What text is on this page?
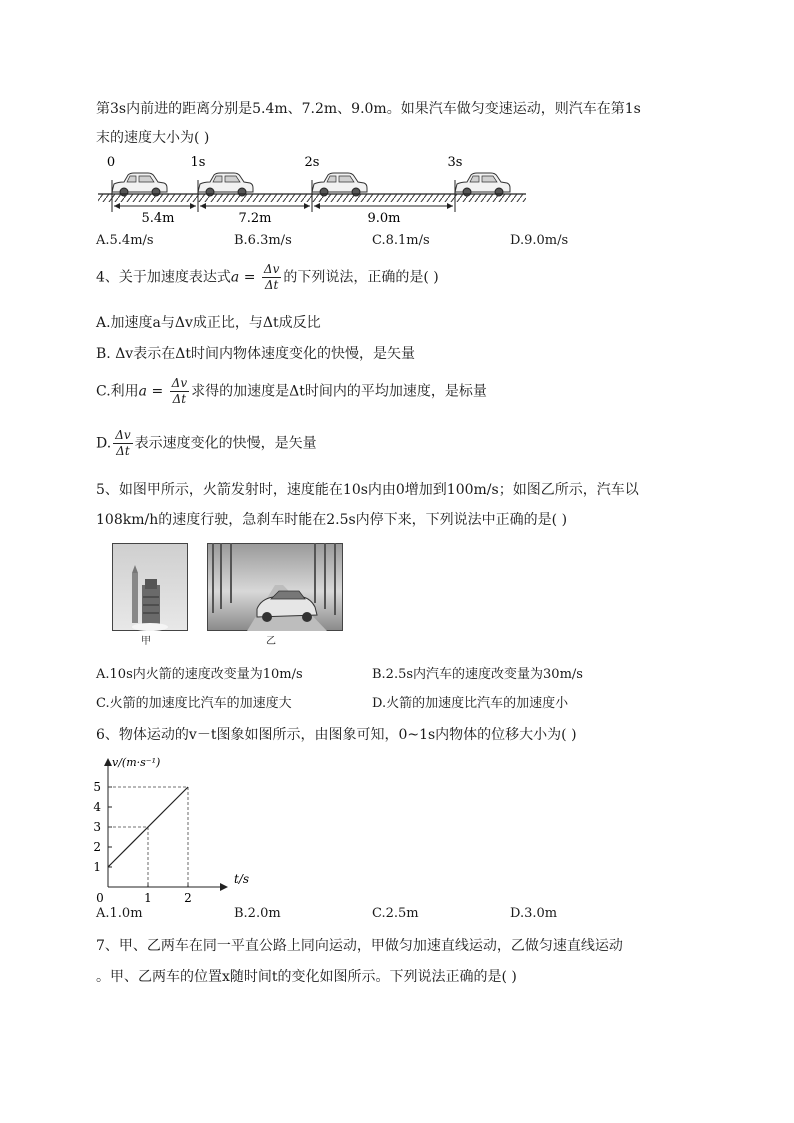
第3s内前进的距离分别是5.4m、7.2m、9.0m。如果汽车做匀变速运动，则汽车在第1s
末的速度大小为( )
0	1s	2s	3s
5.4m	7.2m	9.0m
A.5.4m/s	B.6.3m/s	C.8.1m/s	D.9.0m/s
4、关于加速度表达式$a = \frac{\Delta v}{\Delta t}$ 的下列说法，正确的是( )
A.加速度a与Δv成正比，与Δt成反比
B. Δv表示在Δt时间内物体速度变化的快慢，是矢量
C.利用$a = \frac{\Delta v}{\Delta t}$ 求得的加速度是Δt时间内的平均加速度，是标量
D. $\frac{\Delta v}{\Delta t}$ 表示速度变化的快慢，是矢量
5、如图甲所示，火箭发射时，速度能在10s内由0增加到100m/s；如图乙所示，汽车以
108km/h的速度行驶，急刹车时能在2.5s内停下来，下列说法中正确的是( )
甲	乙
A.10s内火箭的速度改变量为10m/s	B.2.5s内汽车的速度改变量为30m/s
C.火箭的加速度比汽车的加速度大	D.火箭的加速度比汽车的加速度小
6、物体运动的v－t图象如图所示，由图象可知，0~1s内物体的位移大小为( )
v/(m·s⁻¹)
t/s
1
2
3
4
5
0	1	2
A.1.0m	B.2.0m	C.2.5m	D.3.0m
7、甲、乙两车在同一平直公路上同向运动，甲做匀加速直线运动，乙做匀速直线运动
。甲、乙两车的位置x随时间t的变化如图所示。下列说法正确的是( )
